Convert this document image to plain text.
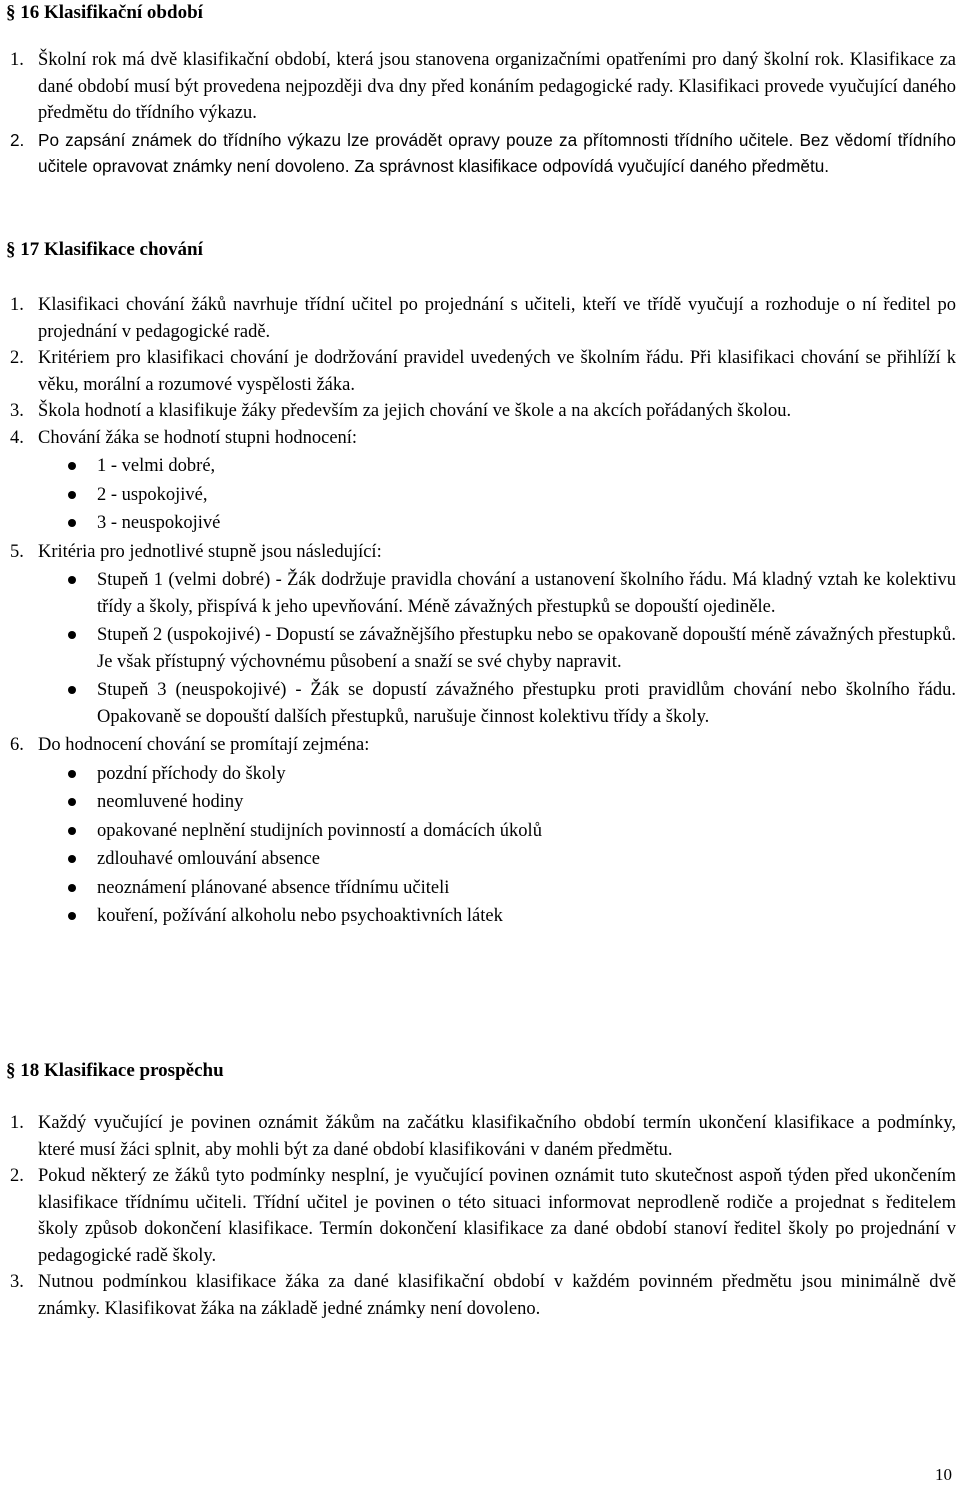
§ 16 Klasifikační období
1. Školní rok má dvě klasifikační období, která jsou stanovena organizačními opatřeními pro daný školní rok. Klasifikace za dané období musí být provedena nejpozději dva dny před konáním pedagogické rady. Klasifikaci provede vyučující daného předmětu do třídního výkazu.
2. Po zapsání známek do třídního výkazu lze provádět opravy pouze za přítomnosti třídního učitele. Bez vědomí třídního učitele opravovat známky není dovoleno. Za správnost klasifikace odpovídá vyučující daného předmětu.
§ 17 Klasifikace chování
1. Klasifikaci chování žáků navrhuje třídní učitel po projednání s učiteli, kteří ve třídě vyučují a rozhoduje o ní ředitel po projednání v pedagogické radě.
2. Kritériem pro klasifikaci chování je dodržování pravidel uvedených ve školním řádu. Při klasifikaci chování se přihlíží k věku, morální a rozumové vyspělosti žáka.
3. Škola hodnotí a klasifikuje žáky především za jejich chování ve škole a na akcích pořádaných školou.
4. Chování žáka se hodnotí stupni hodnocení:
1 - velmi dobré,
2 - uspokojivé,
3 - neuspokojivé
5. Kritéria pro jednotlivé stupně jsou následující:
Stupeň 1 (velmi dobré) - Žák dodržuje pravidla chování a ustanovení školního řádu. Má kladný vztah ke kolektivu třídy a školy, přispívá k jeho upevňování. Méně závažných přestupků se dopouští ojediněle.
Stupeň 2 (uspokojivé) - Dopustí se závažnějšího přestupku nebo se opakovaně dopouští méně závažných přestupků. Je však přístupný výchovnému působení a snaží se své chyby napravit.
Stupeň 3 (neuspokojivé) - Žák se dopustí závažného přestupku proti pravidlům chování nebo školního řádu. Opakovaně se dopouští dalších přestupků, narušuje činnost kolektivu třídy a školy.
6. Do hodnocení chování se promítají zejména:
pozdní příchody do školy
neomluvené hodiny
opakované neplnění studijních povinností a domácích úkolů
zdlouhavé omlouvání absence
neoznámení plánované absence třídnímu učiteli
kouření, požívání alkoholu nebo psychoaktivních látek
§ 18 Klasifikace prospěchu
1. Každý vyučující je povinen oznámit žákům na začátku klasifikačního období termín ukončení klasifikace a podmínky, které musí žáci splnit, aby mohli být za dané období klasifikováni v daném předmětu.
2. Pokud některý ze žáků tyto podmínky nesplní, je vyučující povinen oznámit tuto skutečnost aspoň týden před ukončením klasifikace třídnímu učiteli. Třídní učitel je povinen o této situaci informovat neprodleně rodiče a projednat s ředitelem školy způsob dokončení klasifikace. Termín dokončení klasifikace za dané období stanoví ředitel školy po projednání v pedagogické radě školy.
3. Nutnou podmínkou klasifikace žáka za dané klasifikační období v každém povinném předmětu jsou minimálně dvě známky. Klasifikovat žáka na základě jedné známky není dovoleno.
10
